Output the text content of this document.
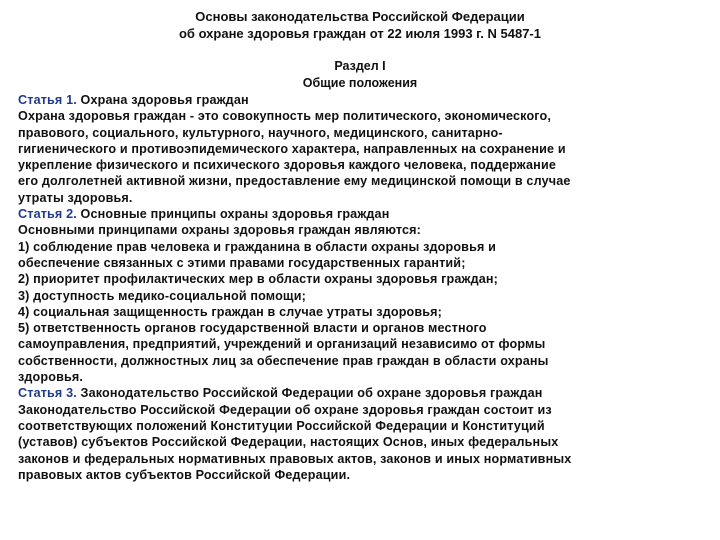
Основы законодательства Российской Федерации
об охране здоровья граждан от 22 июля 1993 г. N 5487-1
Раздел I
Общие положения
Статья 1. Охрана здоровья граждан
Охрана здоровья граждан - это совокупность мер политического, экономического,
правового, социального, культурного, научного, медицинского, санитарно-
гигиенического и противоэпидемического характера, направленных на сохранение и
укрепление физического и психического здоровья каждого человека, поддержание
его долголетней активной жизни, предоставление ему медицинской помощи в случае
утраты здоровья.
Статья 2. Основные принципы охраны здоровья граждан
Основными принципами охраны здоровья граждан являются:
1) соблюдение прав человека и гражданина в области охраны здоровья и
обеспечение связанных с этими правами государственных гарантий;
2) приоритет профилактических мер в области охраны здоровья граждан;
3) доступность медико-социальной помощи;
4) социальная защищенность граждан в случае утраты здоровья;
5) ответственность органов государственной власти и органов местного
самоуправления, предприятий, учреждений и организаций независимо от формы
собственности, должностных лиц за обеспечение прав граждан в области охраны
здоровья.
Статья 3. Законодательство Российской Федерации об охране здоровья граждан
Законодательство Российской Федерации об охране здоровья граждан состоит из
соответствующих положений Конституции Российской Федерации и Конституций
(уставов) субъектов Российской Федерации, настоящих Основ, иных федеральных
законов и федеральных нормативных правовых актов, законов и иных нормативных
правовых актов субъектов Российской Федерации.
